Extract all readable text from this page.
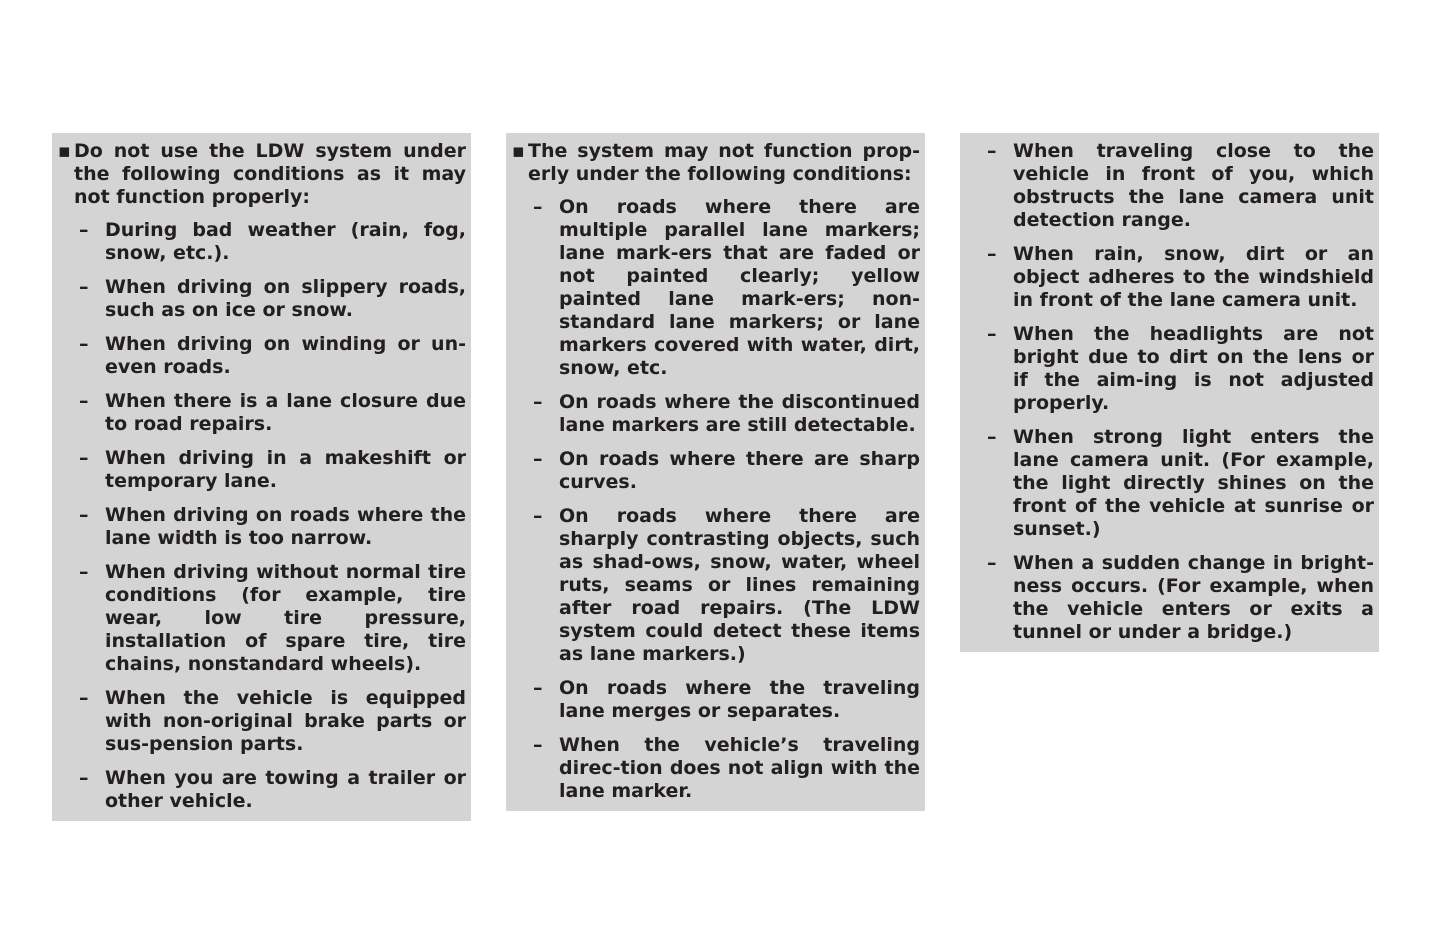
▪ Do not use the LDW system under the following conditions as it may not function properly:
– During bad weather (rain, fog, snow, etc.).
– When driving on slippery roads, such as on ice or snow.
– When driving on winding or un-even roads.
– When there is a lane closure due to road repairs.
– When driving in a makeshift or temporary lane.
– When driving on roads where the lane width is too narrow.
– When driving without normal tire conditions (for example, tire wear, low tire pressure, installation of spare tire, tire chains, nonstandard wheels).
– When the vehicle is equipped with non-original brake parts or sus-pension parts.
– When you are towing a trailer or other vehicle.
▪ The system may not function prop-erly under the following conditions:
– On roads where there are multiple parallel lane markers; lane mark-ers that are faded or not painted clearly; yellow painted lane mark-ers; non-standard lane markers; or lane markers covered with water, dirt, snow, etc.
– On roads where the discontinued lane markers are still detectable.
– On roads where there are sharp curves.
– On roads where there are sharply contrasting objects, such as shad-ows, snow, water, wheel ruts, seams or lines remaining after road repairs. (The LDW system could detect these items as lane markers.)
– On roads where the traveling lane merges or separates.
– When the vehicle’s traveling direc-tion does not align with the lane marker.
– When traveling close to the vehicle in front of you, which obstructs the lane camera unit detection range.
– When rain, snow, dirt or an object adheres to the windshield in front of the lane camera unit.
– When the headlights are not bright due to dirt on the lens or if the aim-ing is not adjusted properly.
– When strong light enters the lane camera unit. (For example, the light directly shines on the front of the vehicle at sunrise or sunset.)
– When a sudden change in bright-ness occurs. (For example, when the vehicle enters or exits a tunnel or under a bridge.)
